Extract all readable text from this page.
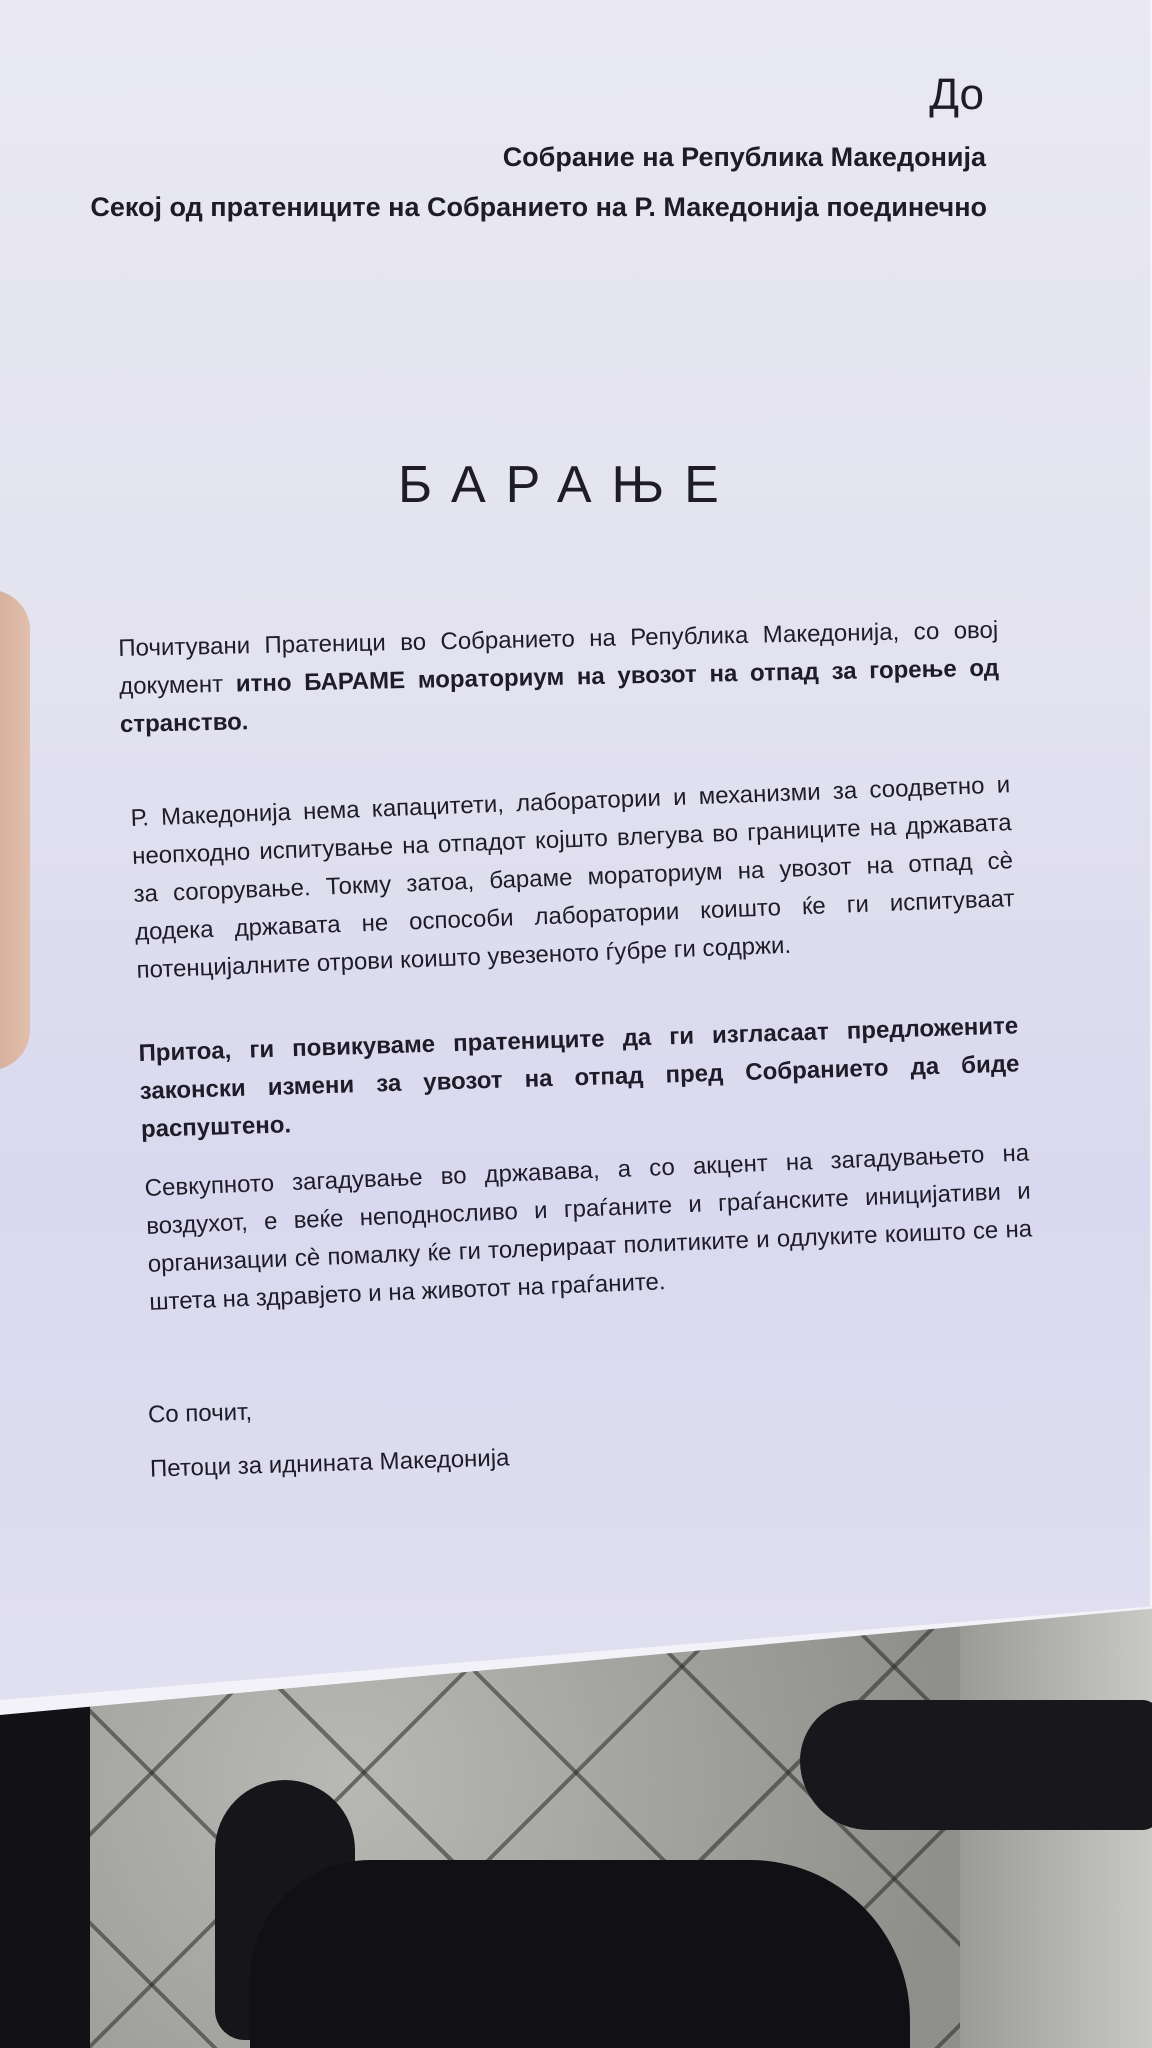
До
Собрание на Република Македонија
Секој од пратениците на Собранието на Р. Македонија поединечно
БАРАЊЕ
Почитувани Пратеници во Собранието на Република Македонија, со овој документ итно БАРАМЕ мораториум на увозот на отпад за горење од странство.
Р. Македонија нема капацитети, лаборатории и механизми за соодветно и неопходно испитување на отпадот којшто влегува во границите на државата за согорување. Токму затоа, бараме мораториум на увозот на отпад сè додека државата не оспособи лаборатории коишто ќе ги испитуваат потенцијалните отрови коишто увезеното ѓубре ги содржи.
Притоа, ги повикуваме пратениците да ги изгласаат предложените законски измени за увозот на отпад пред Собранието да биде распуштено.
Севкупното загадување во државава, а со акцент на загадувањето на воздухот, е веќе неподносливо и граѓаните и граѓанските иницијативи и организации сè помалку ќе ги толерираат политиките и одлуките коишто се на штета на здравјето и на животот на граѓаните.
Со почит,
Петоци за иднината Македонија
